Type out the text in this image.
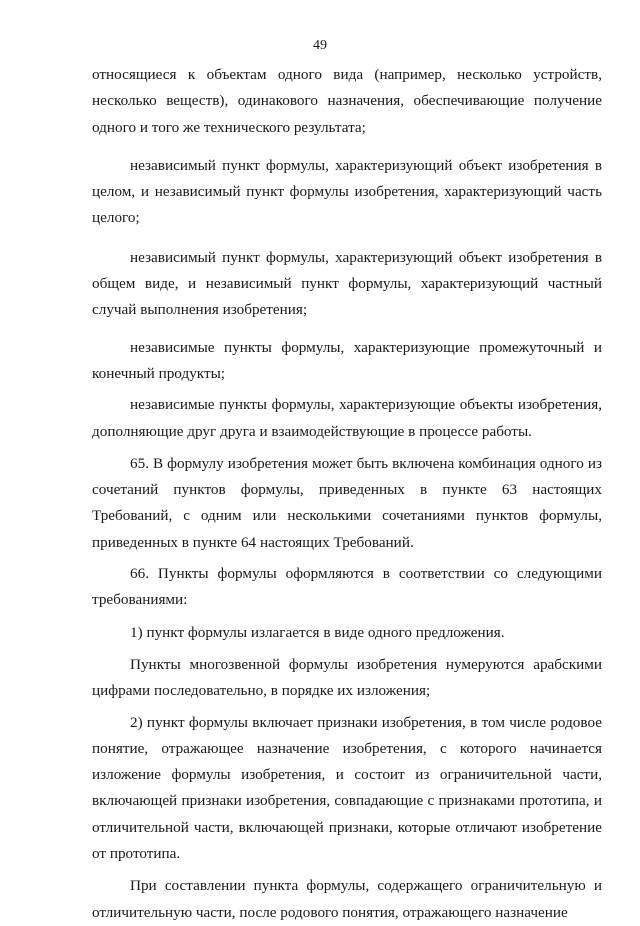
49

относящиеся к объектам одного вида (например, несколько устройств, несколько веществ), одинакового назначения, обеспечивающие получение одного и того же технического результата;

независимый пункт формулы, характеризующий объект изобретения в целом, и независимый пункт формулы изобретения, характеризующий часть целого;

независимый пункт формулы, характеризующий объект изобретения в общем виде, и независимый пункт формулы, характеризующий частный случай выполнения изобретения;

независимые пункты формулы, характеризующие промежуточный и конечный продукты;

независимые пункты формулы, характеризующие объекты изобретения, дополняющие друг друга и взаимодействующие в процессе работы.

65. В формулу изобретения может быть включена комбинация одного из сочетаний пунктов формулы, приведенных в пункте 63 настоящих Требований, с одним или несколькими сочетаниями пунктов формулы, приведенных в пункте 64 настоящих Требований.

66. Пункты формулы оформляются в соответствии со следующими требованиями:

1) пункт формулы излагается в виде одного предложения.

Пункты многозвенной формулы изобретения нумеруются арабскими цифрами последовательно, в порядке их изложения;

2) пункт формулы включает признаки изобретения, в том числе родовое понятие, отражающее назначение изобретения, с которого начинается изложение формулы изобретения, и состоит из ограничительной части, включающей признаки изобретения, совпадающие с признаками прототипа, и отличительной части, включающей признаки, которые отличают изобретение от прототипа.

При составлении пункта формулы, содержащего ограничительную и отличительную части, после родового понятия, отражающего назначение
